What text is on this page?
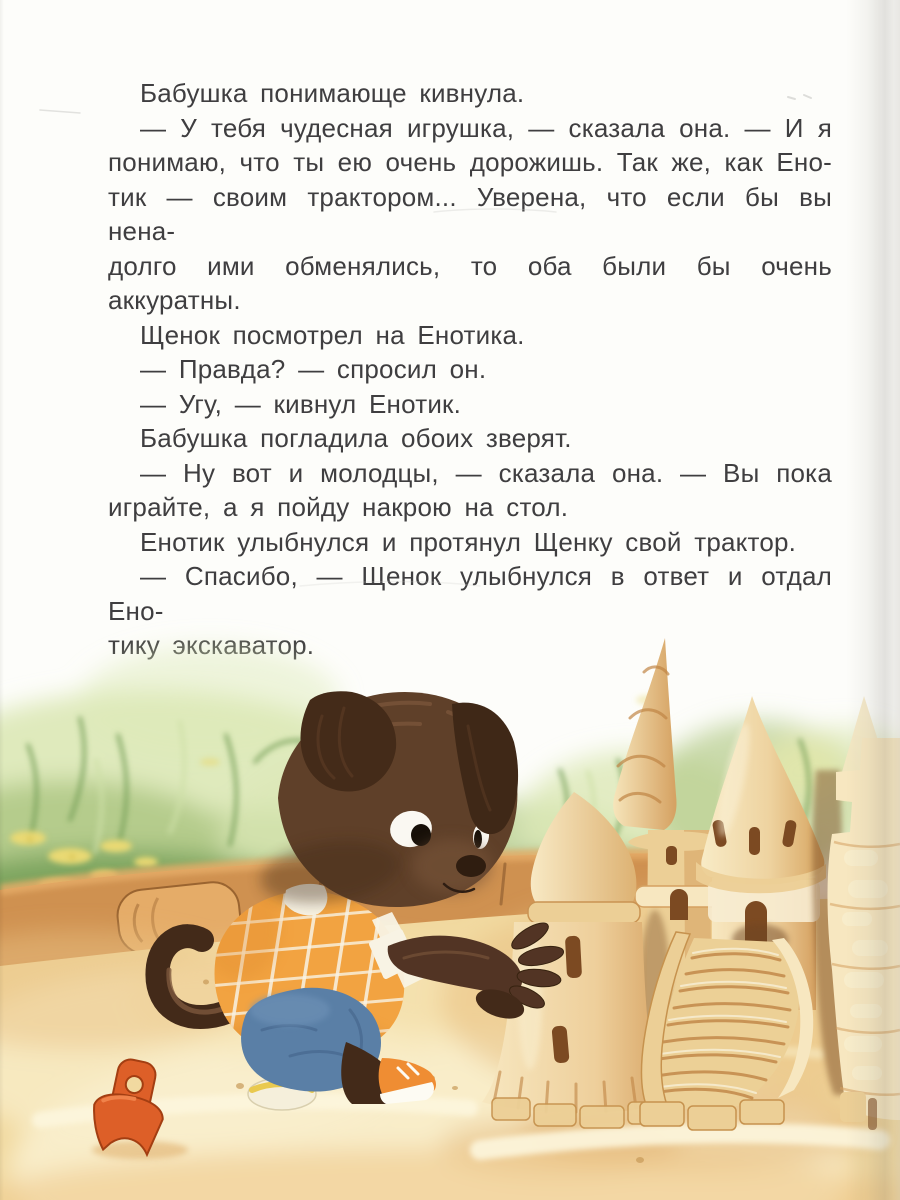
Бабушка понимающе кивнула.

— У тебя чудесная игрушка, — сказала она. — И я

понимаю, что ты ею очень дорожишь. Так же, как Ено-

тик — своим трактором... Уверена, что если бы вы нена-

долго ими обменялись, то оба были бы очень аккуратны.

Щенок посмотрел на Енотика.

— Правда? — спросил он.

— Угу, — кивнул Енотик.

Бабушка погладила обоих зверят.

— Ну вот и молодцы, — сказала она. — Вы пока

играйте, а я пойду накрою на стол.

Енотик улыбнулся и протянул Щенку свой трактор.

— Спасибо, — Щенок улыбнулся в ответ и отдал Ено-

тику экскаватор.
